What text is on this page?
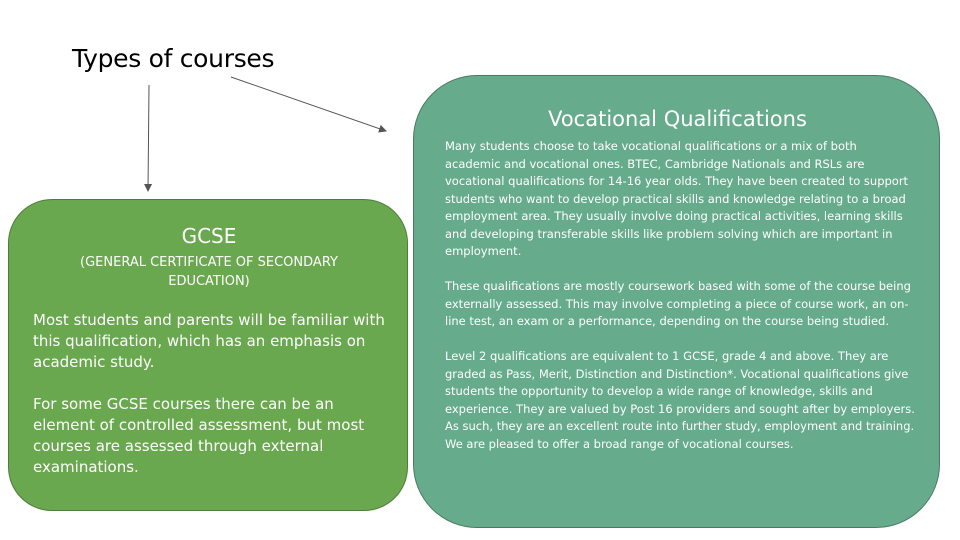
Types of courses
GCSE
(GENERAL CERTIFICATE OF SECONDARY EDUCATION)

Most students and parents will be familiar with this qualification, which has an emphasis on academic study.

For some GCSE courses there can be an element of controlled assessment, but most courses are assessed through external examinations.

Vocational Qualifications

Many students choose to take vocational qualifications or a mix of both academic and vocational ones. BTEC, Cambridge Nationals and RSLs are vocational qualifications for 14-16 year olds. They have been created to support students who want to develop practical skills and knowledge relating to a broad employment area. They usually involve doing practical activities, learning skills and developing transferable skills like problem solving which are important in employment.

These qualifications are mostly coursework based with some of the course being externally assessed. This may involve completing a piece of course work, an on-line test, an exam or a performance, depending on the course being studied.

Level 2 qualifications are equivalent to 1 GCSE, grade 4 and above. They are graded as Pass, Merit, Distinction and Distinction*. Vocational qualifications give students the opportunity to develop a wide range of knowledge, skills and experience. They are valued by Post 16 providers and sought after by employers. As such, they are an excellent route into further study, employment and training. We are pleased to offer a broad range of vocational courses.
